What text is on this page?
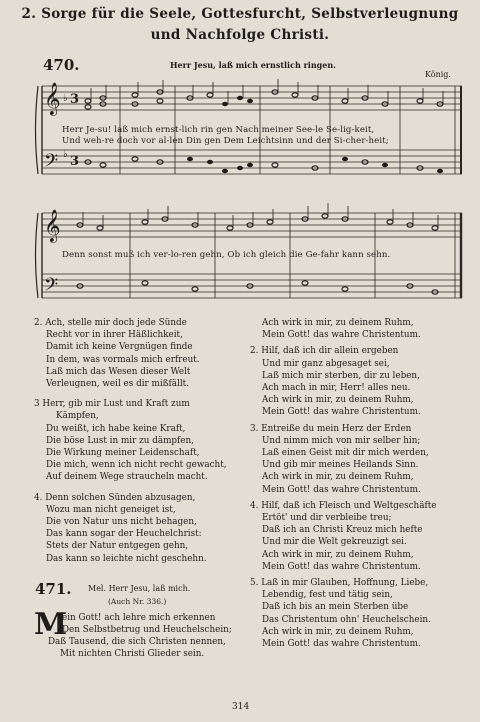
2. Sorge für die Seele, Gottesfurcht, Selbstverleugnung
und Nachfolge Christi.
470.	Herr Jesu, laß mich ernstlich ringen.
König.
𝄞
𝄢
♭
♭
3
3
𝄞
𝄢
Herr Je-su! laß mich ernst-lich rin gen Nach meiner See-le Se-lig-keit,
Und weh-re doch vor al-len Din gen Dem Leichtsinn und der Si-cher-heit;
Denn sonst muß ich ver-lo-ren gehn, Ob ich gleich die Ge-fahr kann sehn.
2. Ach, stelle mir doch jede Sünde
Recht vor in ihrer Häßlichkeit,
Damit ich keine Vergnügen finde
In dem, was vormals mich erfreut.
Laß mich das Wesen dieser Welt
Verleugnen, weil es dir mißfällt.
3 Herr, gib mir Lust und Kraft zum
Kämpfen,
Du weißt, ich habe keine Kraft,
Die böse Lust in mir zu dämpfen,
Die Wirkung meiner Leidenschaft,
Die mich, wenn ich nicht recht gewacht,
Auf deinem Wege straucheln macht.
4. Denn solchen Sünden abzusagen,
Wozu man nicht geneiget ist,
Die von Natur uns nicht behagen,
Das kann sogar der Heuchelchrist:
Stets der Natur entgegen gehn,
Das kann so leichte nicht geschehn.
471. Mel. Herr Jesu, laß mich.
(Auch Nr. 336.)
M
ein Gott! ach lehre mich erkennen
Den Selbstbetrug und Heuchelschein;
Daß Tausend, die sich Christen nennen,
Mit nichten Christi Glieder sein.
Ach wirk in mir, zu deinem Ruhm,
Mein Gott! das wahre Christentum.
2. Hilf, daß ich dir allein ergeben
Und mir ganz abgesaget sei,
Laß mich mir sterben, dir zu leben,
Ach mach in mir, Herr! alles neu.
Ach wirk in mir, zu deinem Ruhm,
Mein Gott! das wahre Christentum.
3. Entreiße du mein Herz der Erden
Und nimm mich von mir selber hin;
Laß einen Geist mit dir mich werden,
Und gib mir meines Heilands Sinn.
Ach wirk in mir, zu deinem Ruhm,
Mein Gott! das wahre Christentum.
4. Hilf, daß ich Fleisch und Weltgeschäfte
Ertöt' und dir verbleibe treu;
Daß ich an Christi Kreuz mich hefte
Und mir die Welt gekreuzigt sei.
Ach wirk in mir, zu deinem Ruhm,
Mein Gott! das wahre Christentum.
5. Laß in mir Glauben, Hoffnung, Liebe,
Lebendig, fest und tätig sein,
Daß ich bis an mein Sterben übe
Das Christentum ohn' Heuchelschein.
Ach wirk in mir, zu deinem Ruhm,
Mein Gott! das wahre Christentum.
314
